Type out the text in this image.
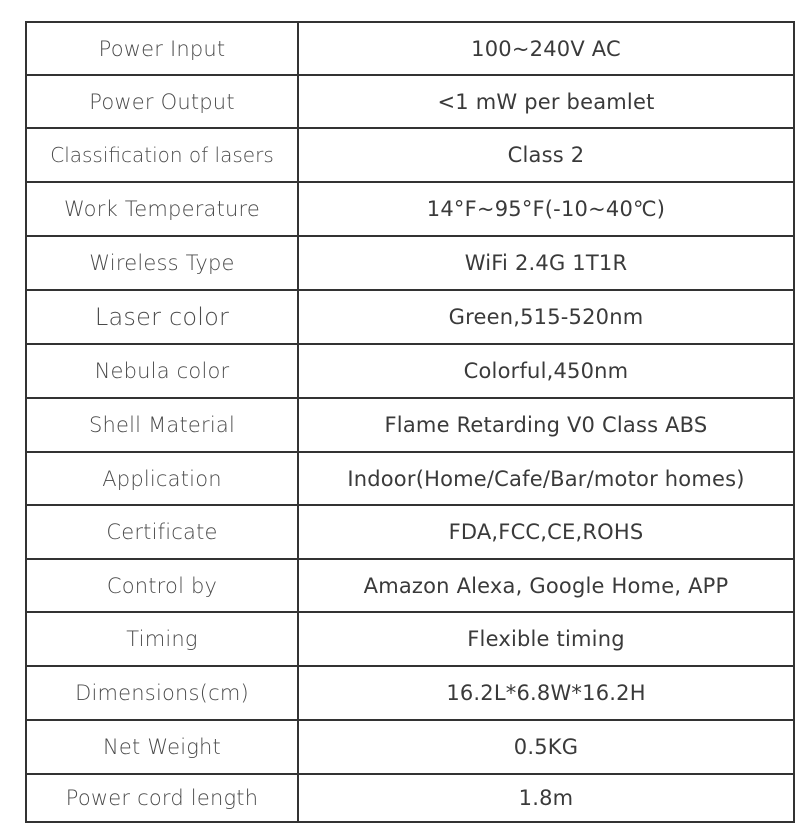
Power Input	100~240V AC
Power Output	<1 mW per beamlet
Classification of lasers	Class 2
Work Temperature	14°F~95°F(-10~40℃)
Wireless Type	WiFi 2.4G 1T1R
Laser color	Green,515-520nm
Nebula color	Colorful,450nm
Shell Material	Flame Retarding V0 Class ABS
Application	Indoor(Home/Cafe/Bar/motor homes)
Certificate	FDA,FCC,CE,ROHS
Control by	Amazon Alexa, Google Home, APP
Timing	Flexible timing
Dimensions(cm)	16.2L*6.8W*16.2H
Net Weight	0.5KG
Power cord length	1.8m
